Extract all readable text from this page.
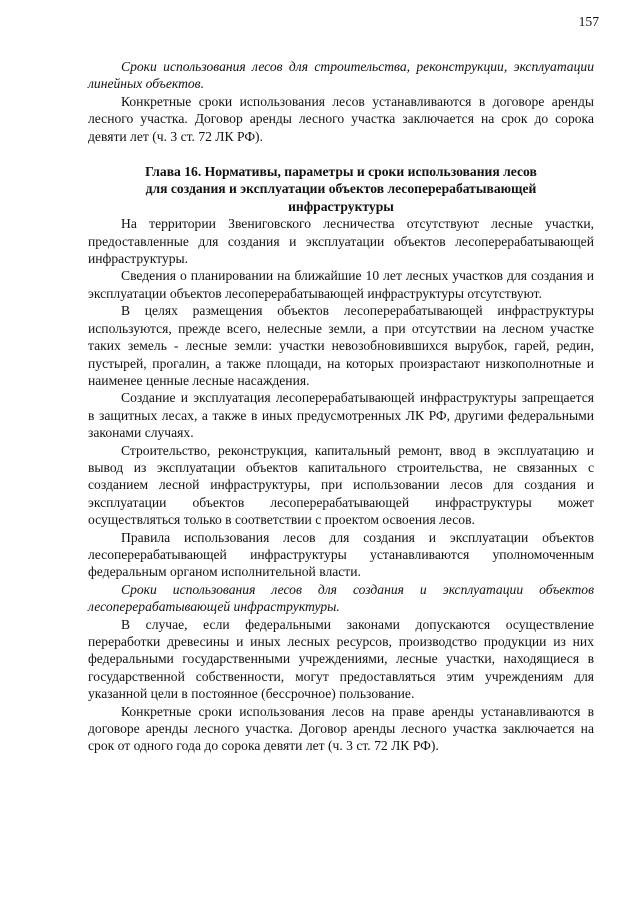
157

Сроки использования лесов для строительства, реконструкции, эксплуатации линейных объектов.

Конкретные сроки использования лесов устанавливаются в договоре аренды лесного участка. Договор аренды лесного участка заключается на срок до сорока девяти лет (ч. 3 ст. 72 ЛК РФ).

Глава 16. Нормативы, параметры и сроки использования лесов

для создания и эксплуатации объектов лесоперерабатывающей

инфраструктуры

На территории Звениговского лесничества отсутствуют лесные участки, предоставленные для создания и эксплуатации объектов лесоперерабатывающей инфраструктуры.

Сведения о планировании на ближайшие 10 лет лесных участков для создания и эксплуатации объектов лесоперерабатывающей инфраструктуры отсутствуют.

В целях размещения объектов лесоперерабатывающей инфраструктуры используются, прежде всего, нелесные земли, а при отсутствии на лесном участке таких земель - лесные земли: участки невозобновившихся вырубок, гарей, редин, пустырей, прогалин, а также площади, на которых произрастают низкополнотные и наименее ценные лесные насаждения.

Создание и эксплуатация лесоперерабатывающей инфраструктуры запрещается в защитных лесах, а также в иных предусмотренных ЛК РФ, другими федеральными законами случаях.

Строительство, реконструкция, капитальный ремонт, ввод в эксплуатацию и вывод из эксплуатации объектов капитального строительства, не связанных с созданием лесной инфраструктуры, при использовании лесов для создания и эксплуатации объектов лесоперерабатывающей инфраструктуры может осуществляться только в соответствии с проектом освоения лесов.

Правила использования лесов для создания и эксплуатации объектов лесоперерабатывающей инфраструктуры устанавливаются уполномоченным федеральным органом исполнительной власти.

Сроки использования лесов для создания и эксплуатации объектов лесоперерабатывающей инфраструктуры.

В случае, если федеральными законами допускаются осуществление переработки древесины и иных лесных ресурсов, производство продукции из них федеральными государственными учреждениями, лесные участки, находящиеся в государственной собственности, могут предоставляться этим учреждениям для указанной цели в постоянное (бессрочное) пользование.

Конкретные сроки использования лесов на праве аренды устанавливаются в договоре аренды лесного участка. Договор аренды лесного участка заключается на срок от одного года до сорока девяти лет (ч. 3 ст. 72 ЛК РФ).
